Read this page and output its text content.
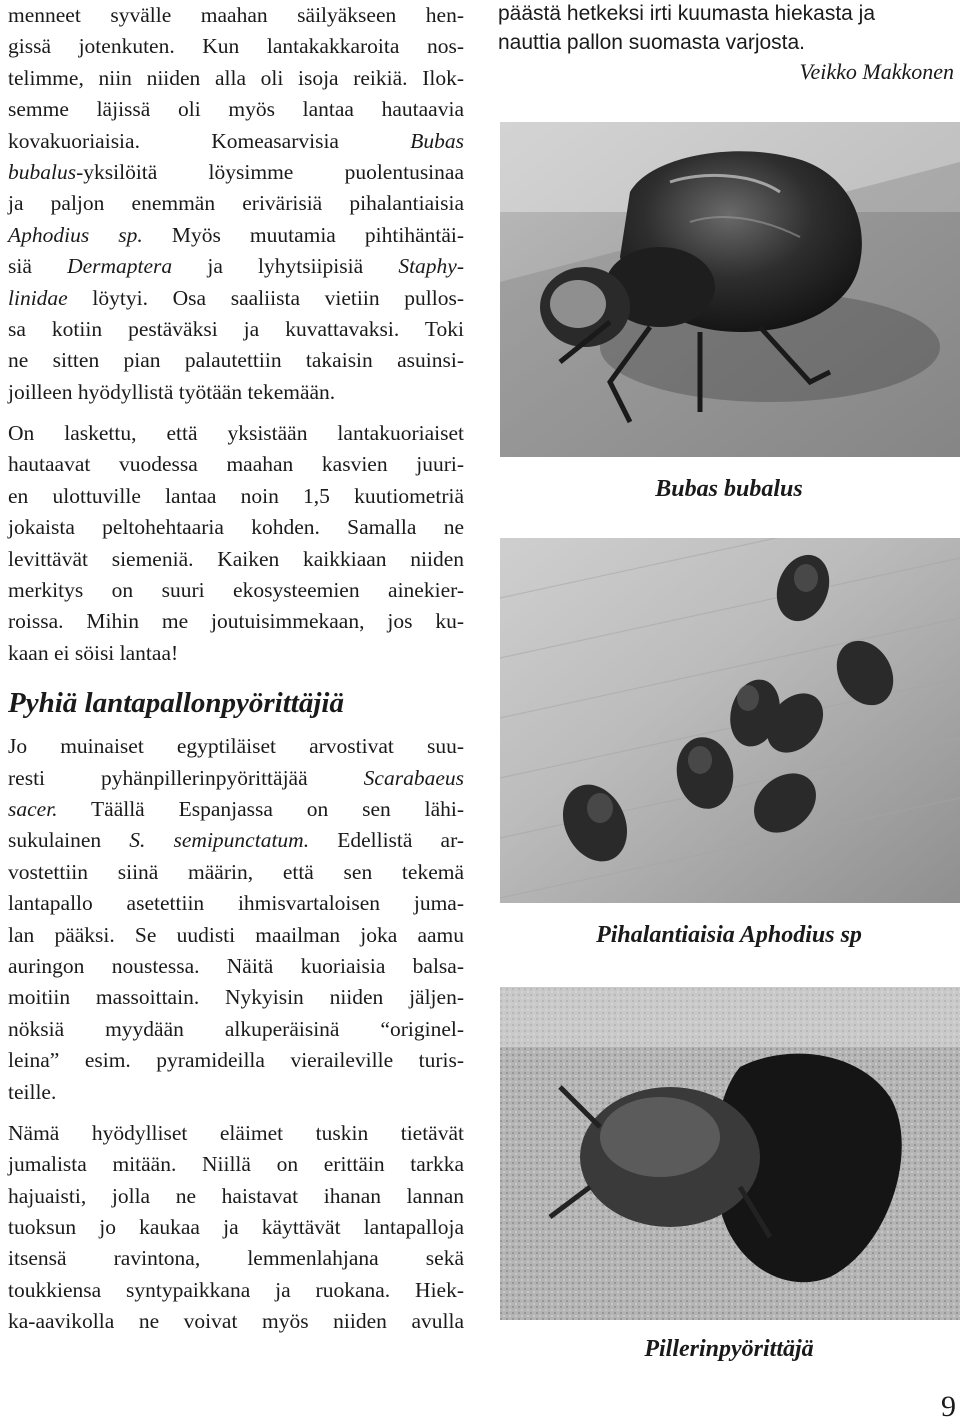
menneet syvälle maahan säilyäkseen hen-
gissä jotenkuten. Kun lantakakkaroita nos-
telimme, niin niiden alla oli isoja reikiä. Ilok-
semme läjissä oli myös lantaa hautaavia
kovakuoriaisia. Komeasarvisia Bubas
bubalus-yksilöitä löysimme puolentusinaa
ja paljon enemmän erivärisiä pihalantiaisia
Aphodius sp. Myös muutamia pihtihäntäi-
siä Dermaptera ja lyhytsiipisiä Staphy-
linidae löytyi. Osa saaliista vietiin pullos-
sa kotiin pestäväksi ja kuvattavaksi. Toki
ne sitten pian palautettiin takaisin asuinsi-
joilleen hyödyllistä työtään tekemään.
On laskettu, että yksistään lantakuoriaiset
hautaavat vuodessa maahan kasvien juuri-
en ulottuville lantaa noin 1,5 kuutiometriä
jokaista peltohehtaaria kohden. Samalla ne
levittävät siemeniä. Kaiken kaikkiaan niiden
merkitys on suuri ekosysteemien ainekier-
roissa. Mihin me joutuisimmekaan, jos ku-
kaan ei söisi lantaa!
Pyhiä lantapallonpyörittäjiä
Jo muinaiset egyptiläiset arvostivat suu-
resti pyhänpillerinpyörittäjää Scarabaeus
sacer. Täällä Espanjassa on sen lähi-
sukulainen S. semipunctatum. Edellistä ar-
vostettiin siinä määrin, että sen tekemä
lantapallo asetettiin ihmisvartaloisen juma-
lan pääksi. Se uudisti maailman joka aamu
auringon noustessa. Näitä kuoriaisia balsa-
moitiin massoittain. Nykyisin niiden jäljen-
nöksiä myydään alkuperäisinä “originel-
leina” esim. pyramideilla vieraileville turis-
teille.
Nämä hyödylliset eläimet tuskin tietävät
jumalista mitään. Niillä on erittäin tarkka
hajuaisti, jolla ne haistavat ihanan lannan
tuoksun jo kaukaa ja käyttävät lantapalloja
itsensä ravintona, lemmenlahjana sekä
toukkiensa syntypaikkana ja ruokana. Hiek-
ka-aavikolla ne voivat myös niiden avulla
päästä hetkeksi irti kuumasta hiekasta ja
nauttia pallon suomasta varjosta.
Veikko Makkonen
Bubas bubalus
Pihalantiaisia Aphodius sp
Pillerinpyörittäjä
9
